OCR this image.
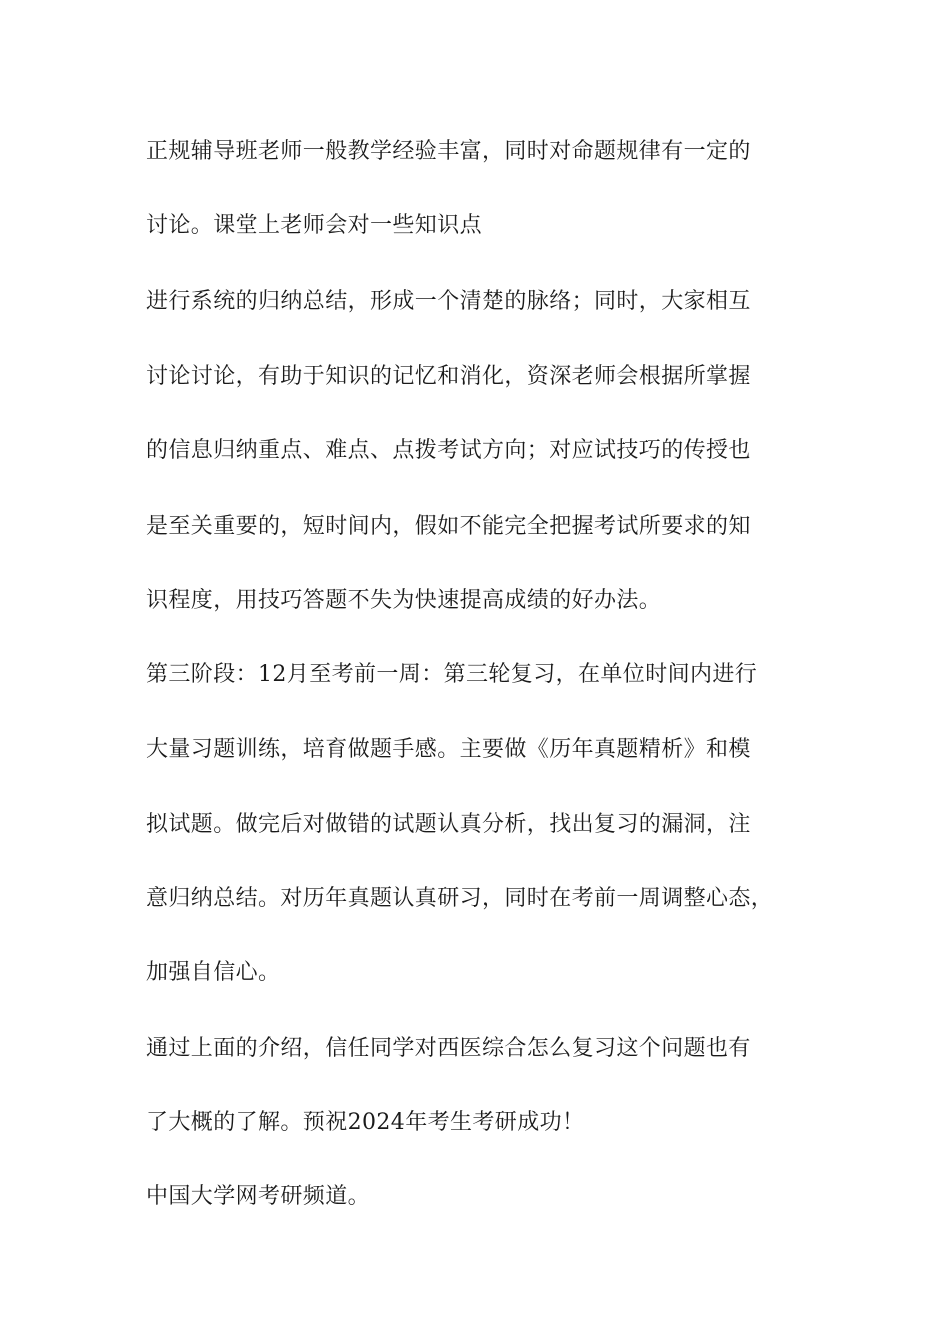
正规辅导班老师一般教学经验丰富，同时对命题规律有一定的
讨论。课堂上老师会对一些知识点
进行系统的归纳总结，形成一个清楚的脉络；同时，大家相互
讨论讨论，有助于知识的记忆和消化，资深老师会根据所掌握
的信息归纳重点、难点、点拨考试方向；对应试技巧的传授也
是至关重要的，短时间内，假如不能完全把握考试所要求的知
识程度，用技巧答题不失为快速提高成绩的好办法。
第三阶段：12月至考前一周：第三轮复习，在单位时间内进行
大量习题训练，培育做题手感。主要做《历年真题精析》和模
拟试题。做完后对做错的试题认真分析，找出复习的漏洞，注
意归纳总结。对历年真题认真研习，同时在考前一周调整心态，
加强自信心。
通过上面的介绍，信任同学对西医综合怎么复习这个问题也有
了大概的了解。预祝2024年考生考研成功！
中国大学网考研频道。
